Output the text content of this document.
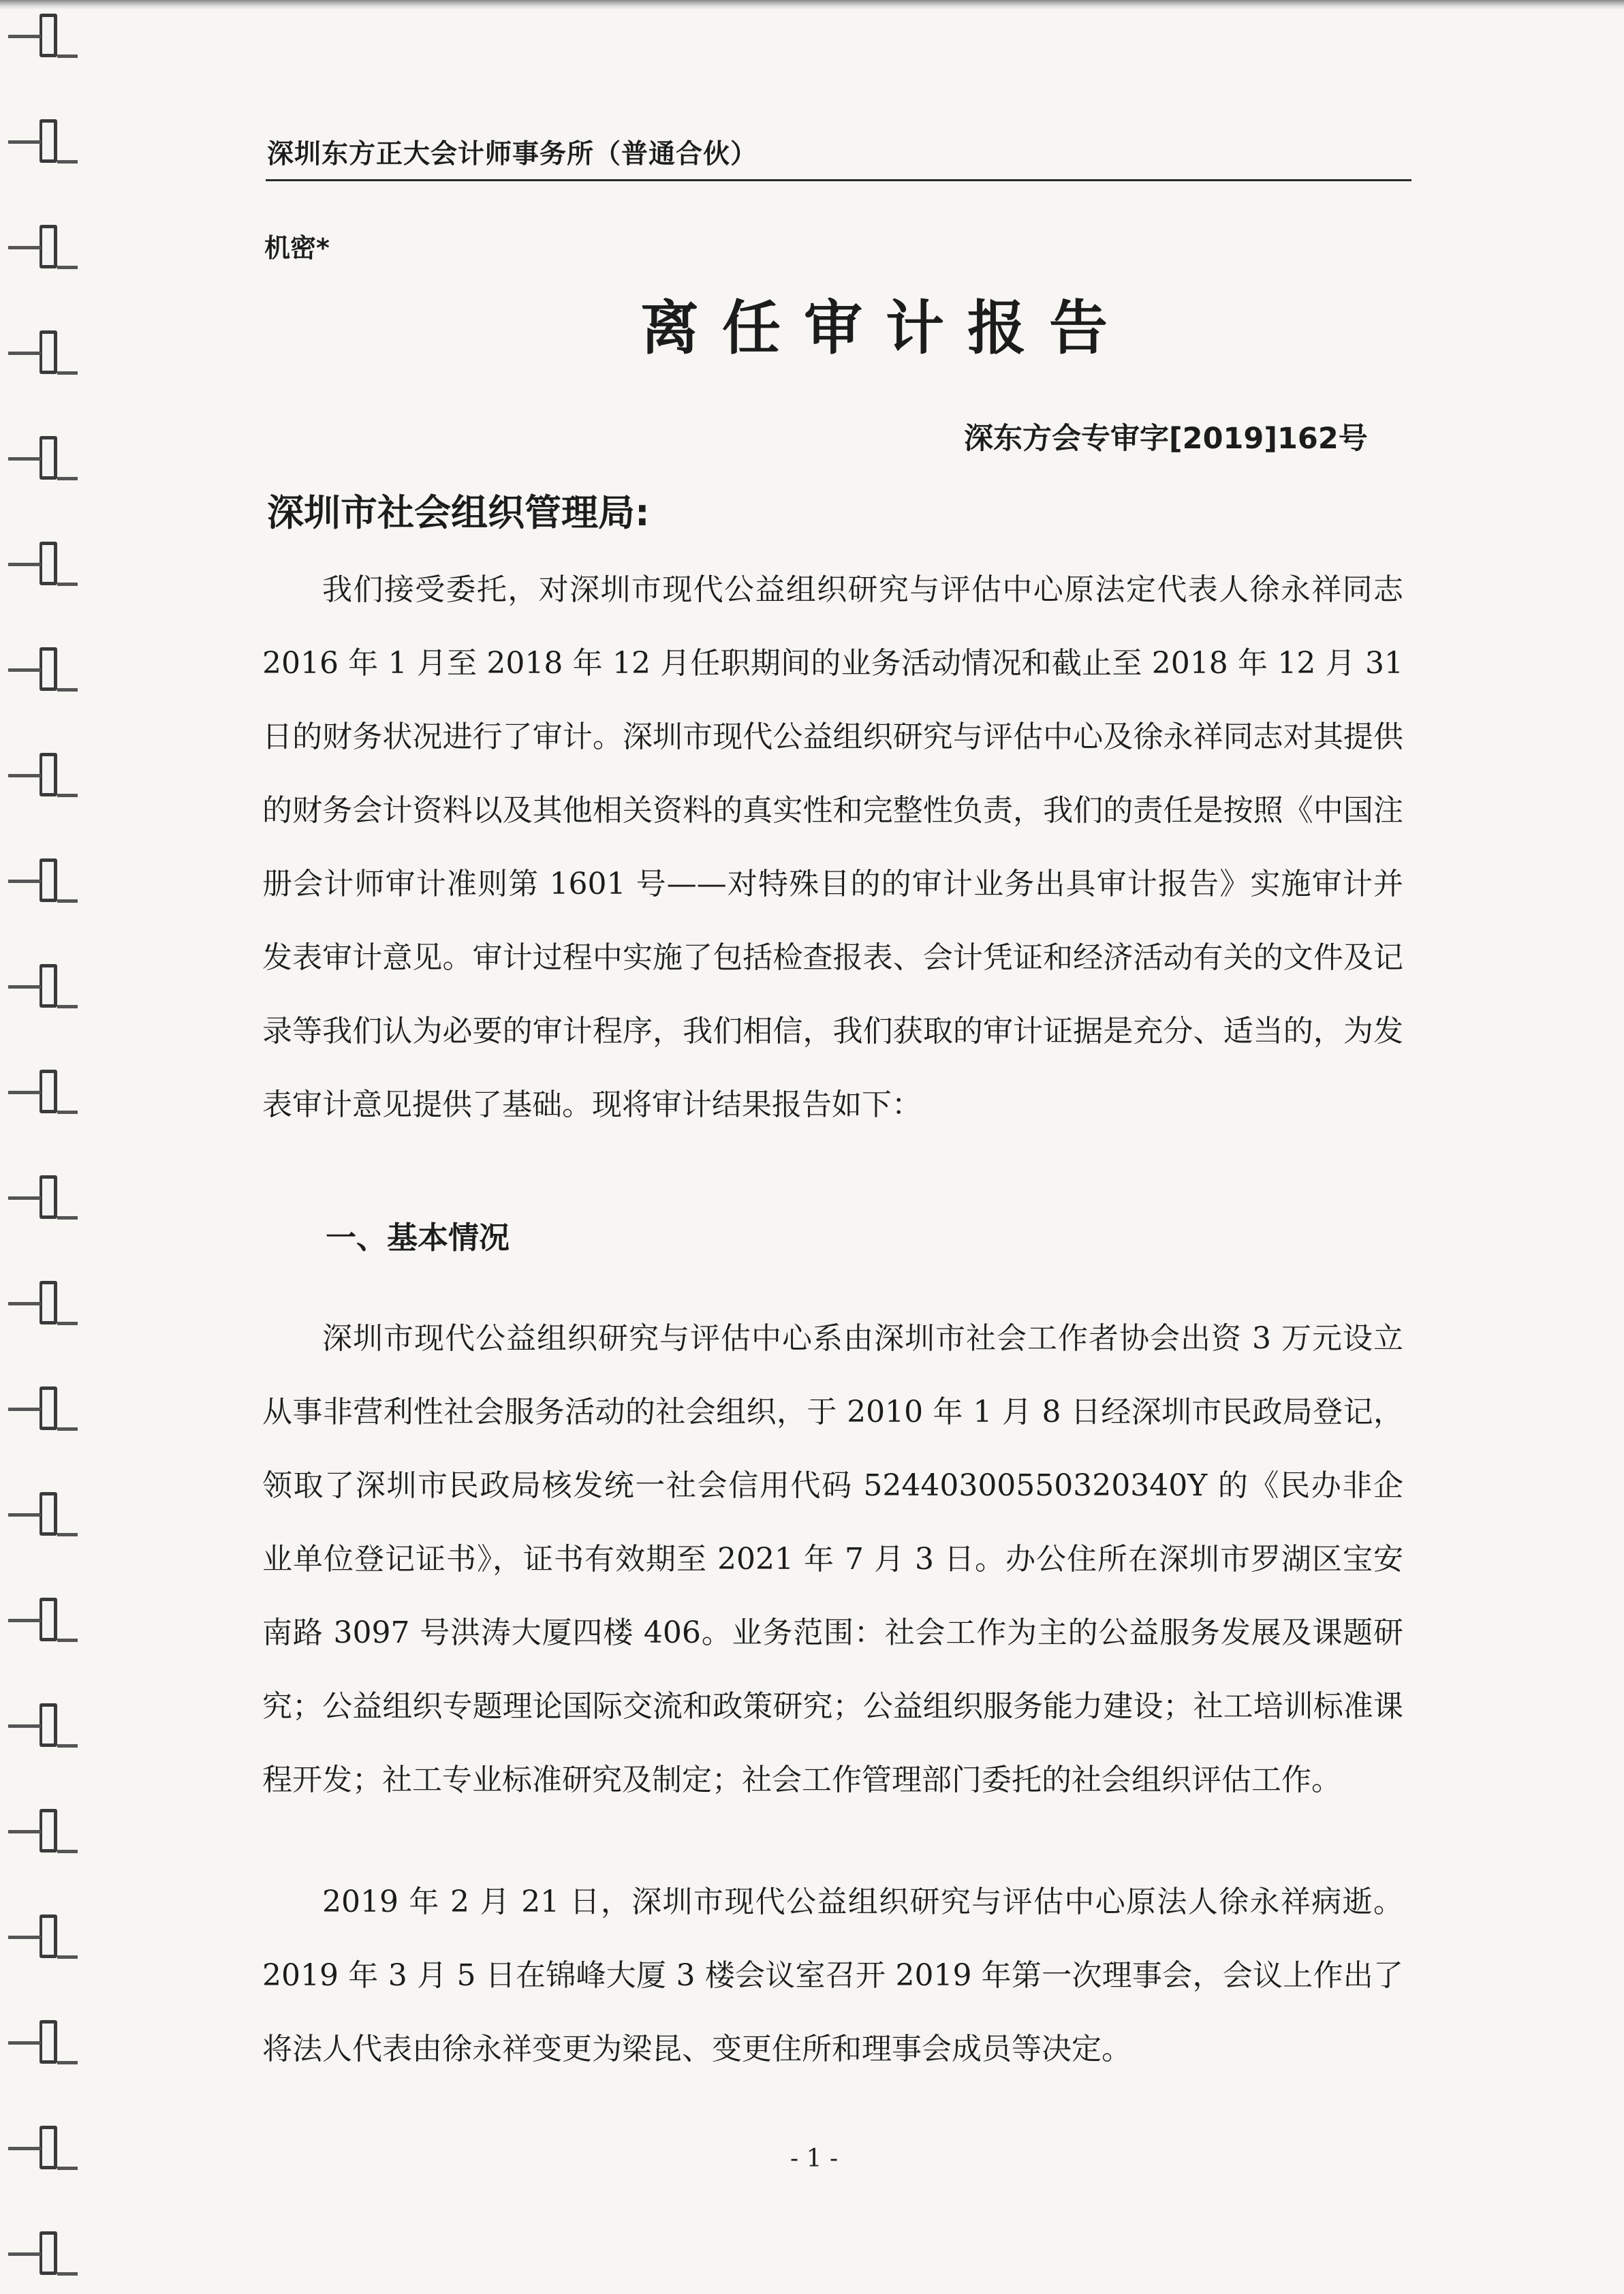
深圳东方正大会计师事务所（普通合伙）
机密*
离任审计报告
深东方会专审字[2019]162号
深圳市社会组织管理局:

我们接受委托，对深圳市现代公益组织研究与评估中心原法定代表人徐永祥同志 2016 年 1 月至 2018 年 12 月任职期间的业务活动情况和截止至 2018 年 12 月 31 日的财务状况进行了审计。深圳市现代公益组织研究与评估中心及徐永祥同志对其提供的财务会计资料以及其他相关资料的真实性和完整性负责，我们的责任是按照《中国注册会计师审计准则第 1601 号——对特殊目的的审计业务出具审计报告》实施审计并发表审计意见。审计过程中实施了包括检查报表、会计凭证和经济活动有关的文件及记录等我们认为必要的审计程序，我们相信，我们获取的审计证据是充分、适当的，为发表审计意见提供了基础。现将审计结果报告如下：

一、基本情况

深圳市现代公益组织研究与评估中心系由深圳市社会工作者协会出资 3 万元设立从事非营利性社会服务活动的社会组织，于 2010 年 1 月 8 日经深圳市民政局登记，领取了深圳市民政局核发统一社会信用代码 52440300550320340Y 的《民办非企业单位登记证书》，证书有效期至 2021 年 7 月 3 日。办公住所在深圳市罗湖区宝安南路 3097 号洪涛大厦四楼 406。业务范围：社会工作为主的公益服务发展及课题研究；公益组织专题理论国际交流和政策研究；公益组织服务能力建设；社工培训标准课程开发；社工专业标准研究及制定；社会工作管理部门委托的社会组织评估工作。

2019 年 2 月 21 日，深圳市现代公益组织研究与评估中心原法人徐永祥病逝。2019 年 3 月 5 日在锦峰大厦 3 楼会议室召开 2019 年第一次理事会，会议上作出了将法人代表由徐永祥变更为梁昆、变更住所和理事会成员等决定。

- 1 -
